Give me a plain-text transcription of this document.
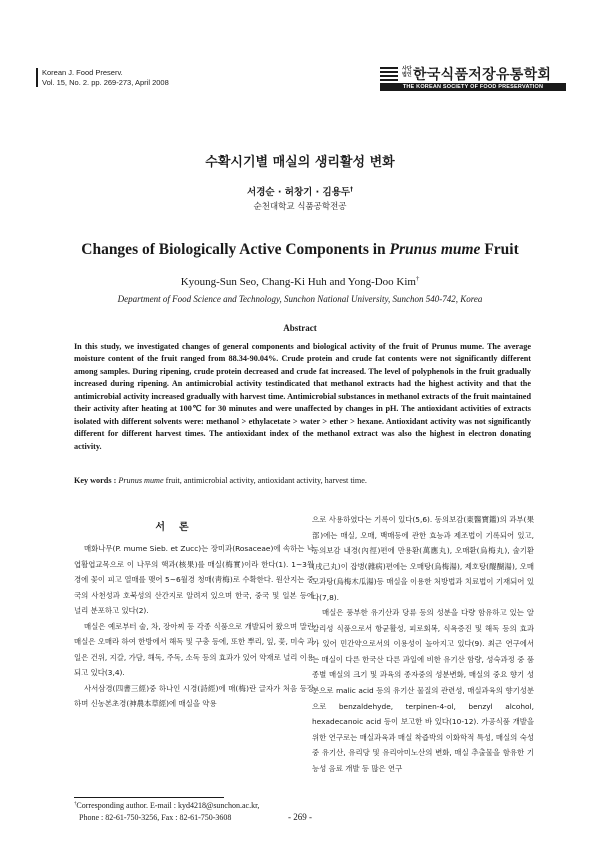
Korean J. Food Preserv.
Vol. 15, No. 2. pp. 269-273, April 2008
사단
법인 한국식품저장유통학회
THE KOREAN SOCIETY OF FOOD PRESERVATION
수확시기별 매실의 생리활성 변화
서경순 · 허창기 · 김용두†
순천대학교 식품공학전공
Changes of Biologically Active Components in Prunus mume Fruit
Kyoung-Sun Seo, Chang-Ki Huh and Yong-Doo Kim†
Department of Food Science and Technology, Sunchon National University, Sunchon 540-742, Korea
Abstract
In this study, we investigated changes of general components and biological activity of the fruit of Prunus mume. The average moisture content of the fruit ranged from 88.34-90.04%. Crude protein and crude fat contents were not significantly different among samples. During ripening, crude protein decreased and crude fat increased. The level of polyphenols in the fruit gradually increased during ripening. An antimicrobial activity testindicated that methanol extracts had the highest activity and that the antimicrobial activity increased gradually with harvest time. Antimicrobial substances in methanol extracts of the fruit maintained their activity after heating at 100℃ for 30 minutes and were unaffected by changes in pH. The antioxidant activities of extracts isolated with different solvents were: methanol > ethylacetate > water > ether > hexane. Antioxidant activity was not significantly different for different harvest times. The antioxidant index of the methanol extract was also the highest in electron donating activity.
Key words : Prunus mume fruit, antimicrobial activity, antioxidant activity, harvest time.
서론

매화나무(P. mume Sieb. et Zucc)는 장미과(Rosaceae)에 속하는 낙엽활엽교목으로 이 나무의 핵과(核果)를 매실(梅實)이라 한다(1). 1~3월경에 꽃이 피고 열매를 맺어 5~6월경 청매(靑梅)로 수확한다. 원산지는 중국의 사천성과 호북성의 산간지로 알려져 있으며 한국, 중국 및 일본 등에 널리 분포하고 있다(2).

매실은 예로부터 술, 차, 장아찌 등 각종 식품으로 개발되어 왔으며 말린 매실은 오매라 하여 한방에서 해독 및 구충 등에, 또한 뿌리, 잎, 꽃, 미숙 과일은 건위, 지갈, 가담, 해독, 주독, 소독 등의 효과가 있어 약재로 널리 이용되고 있다(3,4).

사서삼경(四書三經)중 하나인 시경(詩經)에 매(梅)란 글자가 처음 등장하며 신농본초경(神農本草經)에 매실을 약용

으로 사용하였다는 기록이 있다(5,6). 동의보감(東醫寶鑑)의 과부(果部)에는 매실, 오매, 백매등에 관한 효능과 제조법이 기록되어 있고, 동의보감 내경(內徑)편에 만용환(萬應丸), 오매환(烏梅丸), 술기환(戌己丸)이 잡병(雜病)편에는 오매탕(烏梅湯), 제호탕(醍醐湯), 오매모과탕(烏梅木瓜湯)등 매실을 이용한 처방법과 치료법이 기재되어 있다(7,8).

매실은 풍부한 유기산과 당류 등의 성분을 다량 함유하고 있는 알칼리성 식품으로서 항균활성, 피로회복, 식욕증진 및 해독 등의 효과가 있어 민간약으로서의 이용성이 높아지고 있다(9). 최근 연구에서는 매실이 다른 한국산 다른 과일에 비한 유기산 함량, 성숙과정 중 품종별 매실의 크기 및 과육의 종자중의 성분변화, 매실의 중요 향기 성분으로 malic acid 등의 유기산 물질의 관련성, 매실과육의 향기성분으로 benzaldehyde, terpinen-4-ol, benzyl alcohol, hexadecanoic acid 등이 보고한 바 있다(10-12). 가공식품 개발을 위한 연구로는 매실과육과 매실 착즙박의 이화학적 특성, 매실의 숙성중 유기산, 유리당 및 유리아미노산의 변화, 매실 추출물을 함유한 기능성 음료 개발 등 많은 연구

†Corresponding author. E-mail : kyd4218@sunchon.ac.kr,
Phone : 82-61-750-3256, Fax : 82-61-750-3608	- 269 -
